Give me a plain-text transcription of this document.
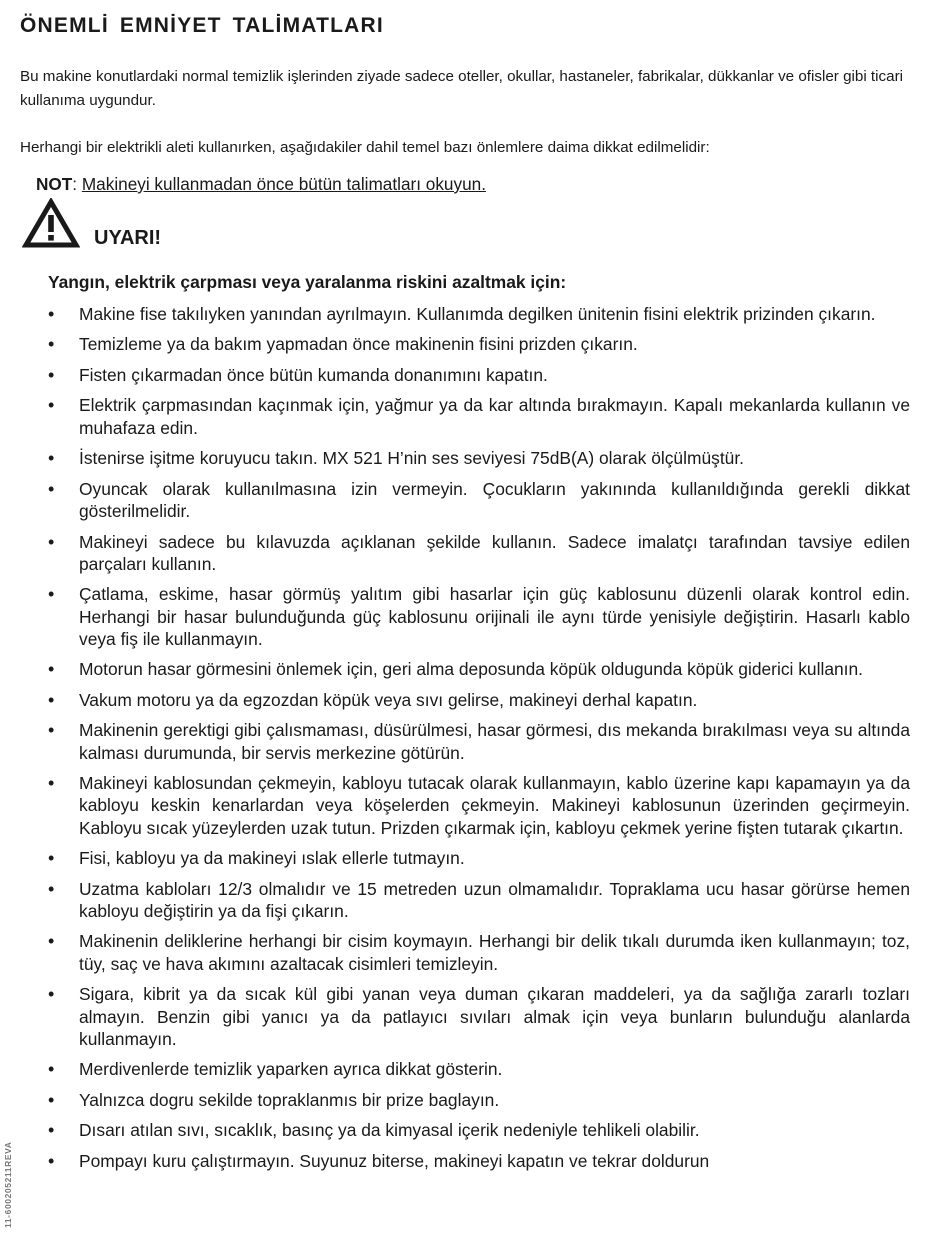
ÖNEMLİ EMNİYET TALİMATLARI

Bu makine konutlardaki normal temizlik işlerinden ziyade sadece oteller, okullar, hastaneler, fabrikalar, dükkanlar ve ofisler gibi ticari kullanıma uygundur.

Herhangi bir elektrikli aleti kullanırken, aşağıdakiler dahil temel bazı önlemlere daima dikkat edilmelidir:

NOT: Makineyi kullanmadan önce bütün talimatları okuyun.

UYARI!

Yangın, elektrik çarpması veya yaralanma riskini azaltmak için:

• Makine fise takılıyken yanından ayrılmayın. Kullanımda degilken ünitenin fisini elektrik prizinden çıkarın.
• Temizleme ya da bakım yapmadan önce makinenin fisini prizden çıkarın.
• Fisten çıkarmadan önce bütün kumanda donanımını kapatın.
• Elektrik çarpmasından kaçınmak için, yağmur ya da kar altında bırakmayın. Kapalı mekanlarda kullanın ve muhafaza edin.
• İstenirse işitme koruyucu takın. MX 521 H’nin ses seviyesi 75dB(A) olarak ölçülmüştür.
• Oyuncak olarak kullanılmasına izin vermeyin. Çocukların yakınında kullanıldığında gerekli dikkat gösterilmelidir.
• Makineyi sadece bu kılavuzda açıklanan şekilde kullanın. Sadece imalatçı tarafından tavsiye edilen parçaları kullanın.
• Çatlama, eskime, hasar görmüş yalıtım gibi hasarlar için güç kablosunu düzenli olarak kontrol edin. Herhangi bir hasar bulunduğunda güç kablosunu orijinali ile aynı türde yenisiyle değiştirin. Hasarlı kablo veya fiş ile kullanmayın.
• Motorun hasar görmesini önlemek için, geri alma deposunda köpük oldugunda köpük giderici kullanın.
• Vakum motoru ya da egzozdan köpük veya sıvı gelirse, makineyi derhal kapatın.
• Makinenin gerektigi gibi çalısmaması, düsürülmesi, hasar görmesi, dıs mekanda bırakılması veya su altında kalması durumunda, bir servis merkezine götürün.
• Makineyi kablosundan çekmeyin, kabloyu tutacak olarak kullanmayın, kablo üzerine kapı kapamayın ya da kabloyu keskin kenarlardan veya köşelerden çekmeyin. Makineyi kablosunun üzerinden geçirmeyin. Kabloyu sıcak yüzeylerden uzak tutun. Prizden çıkarmak için, kabloyu çekmek yerine fişten tutarak çıkartın.
• Fisi, kabloyu ya da makineyi ıslak ellerle tutmayın.
• Uzatma kabloları 12/3 olmalıdır ve 15 metreden uzun olmamalıdır. Topraklama ucu hasar görürse hemen kabloyu değiştirin ya da fişi çıkarın.
• Makinenin deliklerine herhangi bir cisim koymayın. Herhangi bir delik tıkalı durumda iken kullanmayın; toz, tüy, saç ve hava akımını azaltacak cisimleri temizleyin.
• Sigara, kibrit ya da sıcak kül gibi yanan veya duman çıkaran maddeleri, ya da sağlığa zararlı tozları almayın. Benzin gibi yanıcı ya da patlayıcı sıvıları almak için veya bunların bulunduğu alanlarda kullanmayın.
• Merdivenlerde temizlik yaparken ayrıca dikkat gösterin.
• Yalnızca dogru sekilde topraklanmıs bir prize baglayın.
• Dısarı atılan sıvı, sıcaklık, basınç ya da kimyasal içerik nedeniyle tehlikeli olabilir.
• Pompayı kuru çalıştırmayın. Suyunuz biterse, makineyi kapatın ve tekrar doldurun

11-600205211REVA
